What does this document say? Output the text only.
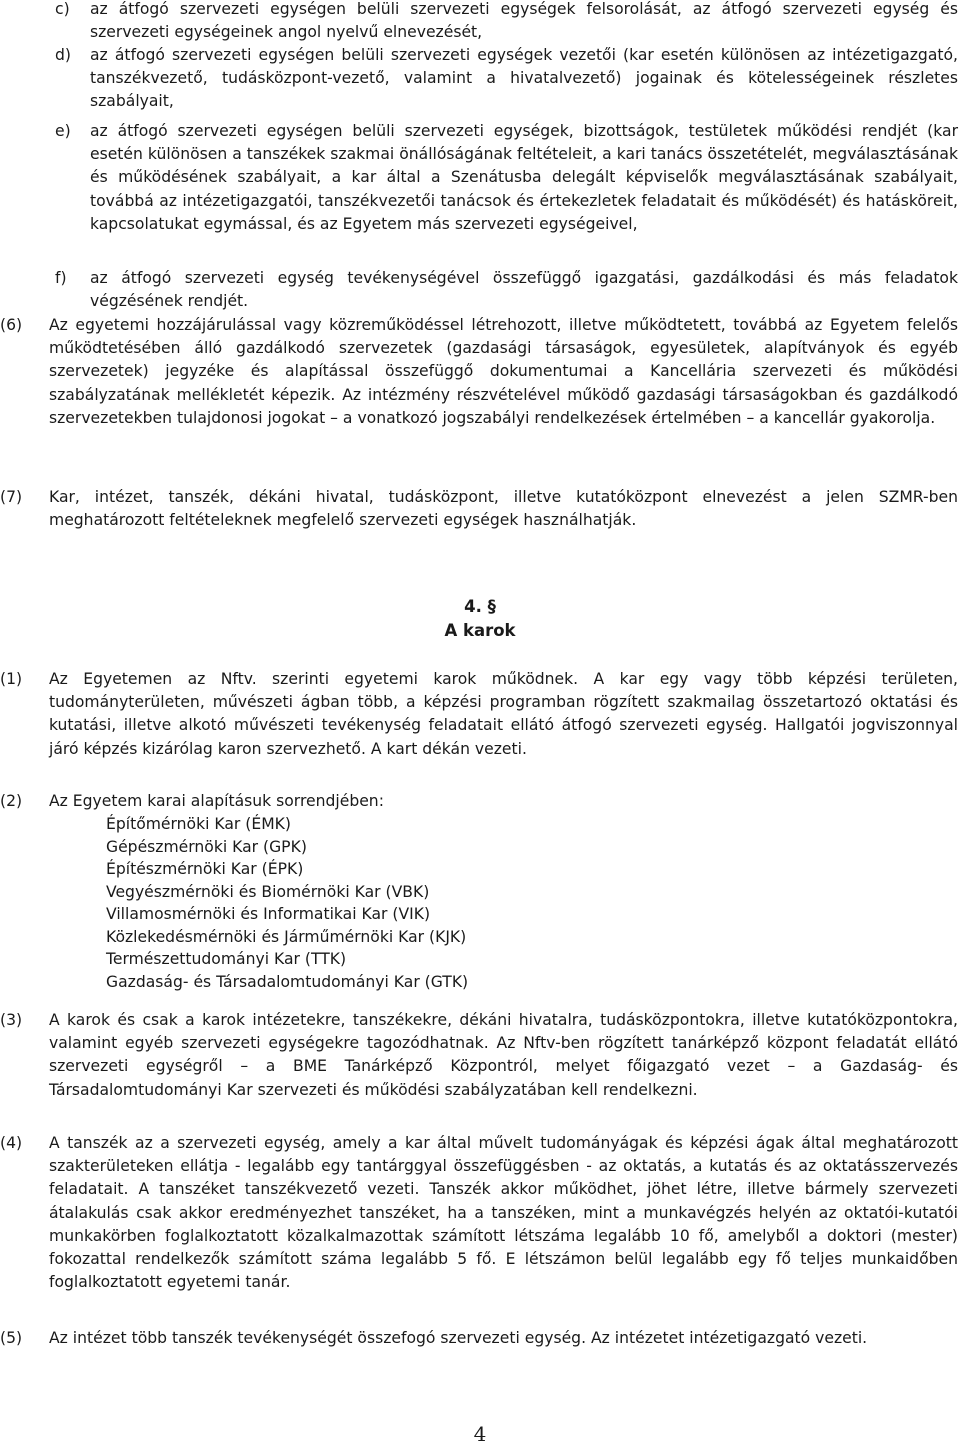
c) az átfogó szervezeti egységen belüli szervezeti egységek felsorolását, az átfogó szervezeti egység és szervezeti egységeinek angol nyelvű elnevezését,
d) az átfogó szervezeti egységen belüli szervezeti egységek vezetői (kar esetén különösen az intézetigazgató, tanszékvezető, tudásközpont-vezető, valamint a hivatalvezető) jogainak és kötelességeinek részletes szabályait,
e) az átfogó szervezeti egységen belüli szervezeti egységek, bizottságok, testületek működési rendjét (kar esetén különösen a tanszékek szakmai önállóságának feltételeit, a kari tanács összetételét, megválasztásának és működésének szabályait, a kar által a Szenátusba delegált képviselők megválasztásának szabályait, továbbá az intézetigazgatói, tanszékvezetői tanácsok és értekezletek feladatait és működését) és hatásköreit, kapcsolatukat egymással, és az Egyetem más szervezeti egységeivel,
f) az átfogó szervezeti egység tevékenységével összefüggő igazgatási, gazdálkodási és más feladatok végzésének rendjét.
(6) Az egyetemi hozzájárulással vagy közreműködéssel létrehozott, illetve működtetett, továbbá az Egyetem felelős működtetésében álló gazdálkodó szervezetek (gazdasági társaságok, egyesületek, alapítványok és egyéb szervezetek) jegyzéke és alapítással összefüggő dokumentumai a Kancellária szervezeti és működési szabályzatának mellékletét képezik. Az intézmény részvételével működő gazdasági társaságokban és gazdálkodó szervezetekben tulajdonosi jogokat – a vonatkozó jogszabályi rendelkezések értelmében – a kancellár gyakorolja.
(7) Kar, intézet, tanszék, dékáni hivatal, tudásközpont, illetve kutatóközpont elnevezést a jelen SZMR-ben meghatározott feltételeknek megfelelő szervezeti egységek használhatják.
4. §
A karok
(1) Az Egyetemen az Nftv. szerinti egyetemi karok működnek. A kar egy vagy több képzési területen, tudományterületen, művészeti ágban több, a képzési programban rögzített szakmailag összetartozó oktatási és kutatási, illetve alkotó művészeti tevékenység feladatait ellátó átfogó szervezeti egység. Hallgatói jogviszonnyal járó képzés kizárólag karon szervezhető. A kart dékán vezeti.
(2) Az Egyetem karai alapításuk sorrendjében:
Építőmérnöki Kar (ÉMK)
Gépészmérnöki Kar (GPK)
Építészmérnöki Kar (ÉPK)
Vegyészmérnöki és Biomérnöki Kar (VBK)
Villamosmérnöki és Informatikai Kar (VIK)
Közlekedésmérnöki és Járműmérnöki Kar (KJK)
Természettudományi Kar (TTK)
Gazdaság- és Társadalomtudományi Kar (GTK)
(3) A karok és csak a karok intézetekre, tanszékekre, dékáni hivatalra, tudásközpontokra, illetve kutatóközpontokra, valamint egyéb szervezeti egységekre tagozódhatnak. Az Nftv-ben rögzített tanárképző központ feladatát ellátó szervezeti egységről – a BME Tanárképző Központról, melyet főigazgató vezet – a Gazdaság- és Társadalomtudományi Kar szervezeti és működési szabályzatában kell rendelkezni.
(4) A tanszék az a szervezeti egység, amely a kar által művelt tudományágak és képzési ágak által meghatározott szakterületeken ellátja - legalább egy tantárggyal összefüggésben - az oktatás, a kutatás és az oktatásszervezés feladatait. A tanszéket tanszékvezető vezeti. Tanszék akkor működhet, jöhet létre, illetve bármely szervezeti átalakulás csak akkor eredményezhet tanszéket, ha a tanszéken, mint a munkavégzés helyén az oktatói-kutatói munkakörben foglalkoztatott közalkalmazottak számított létszáma legalább 10 fő, amelyből a doktori (mester) fokozattal rendelkezők számított száma legalább 5 fő. E létszámon belül legalább egy fő teljes munkaidőben foglalkoztatott egyetemi tanár.
(5) Az intézet több tanszék tevékenységét összefogó szervezeti egység. Az intézetet intézetigazgató vezeti.
4
